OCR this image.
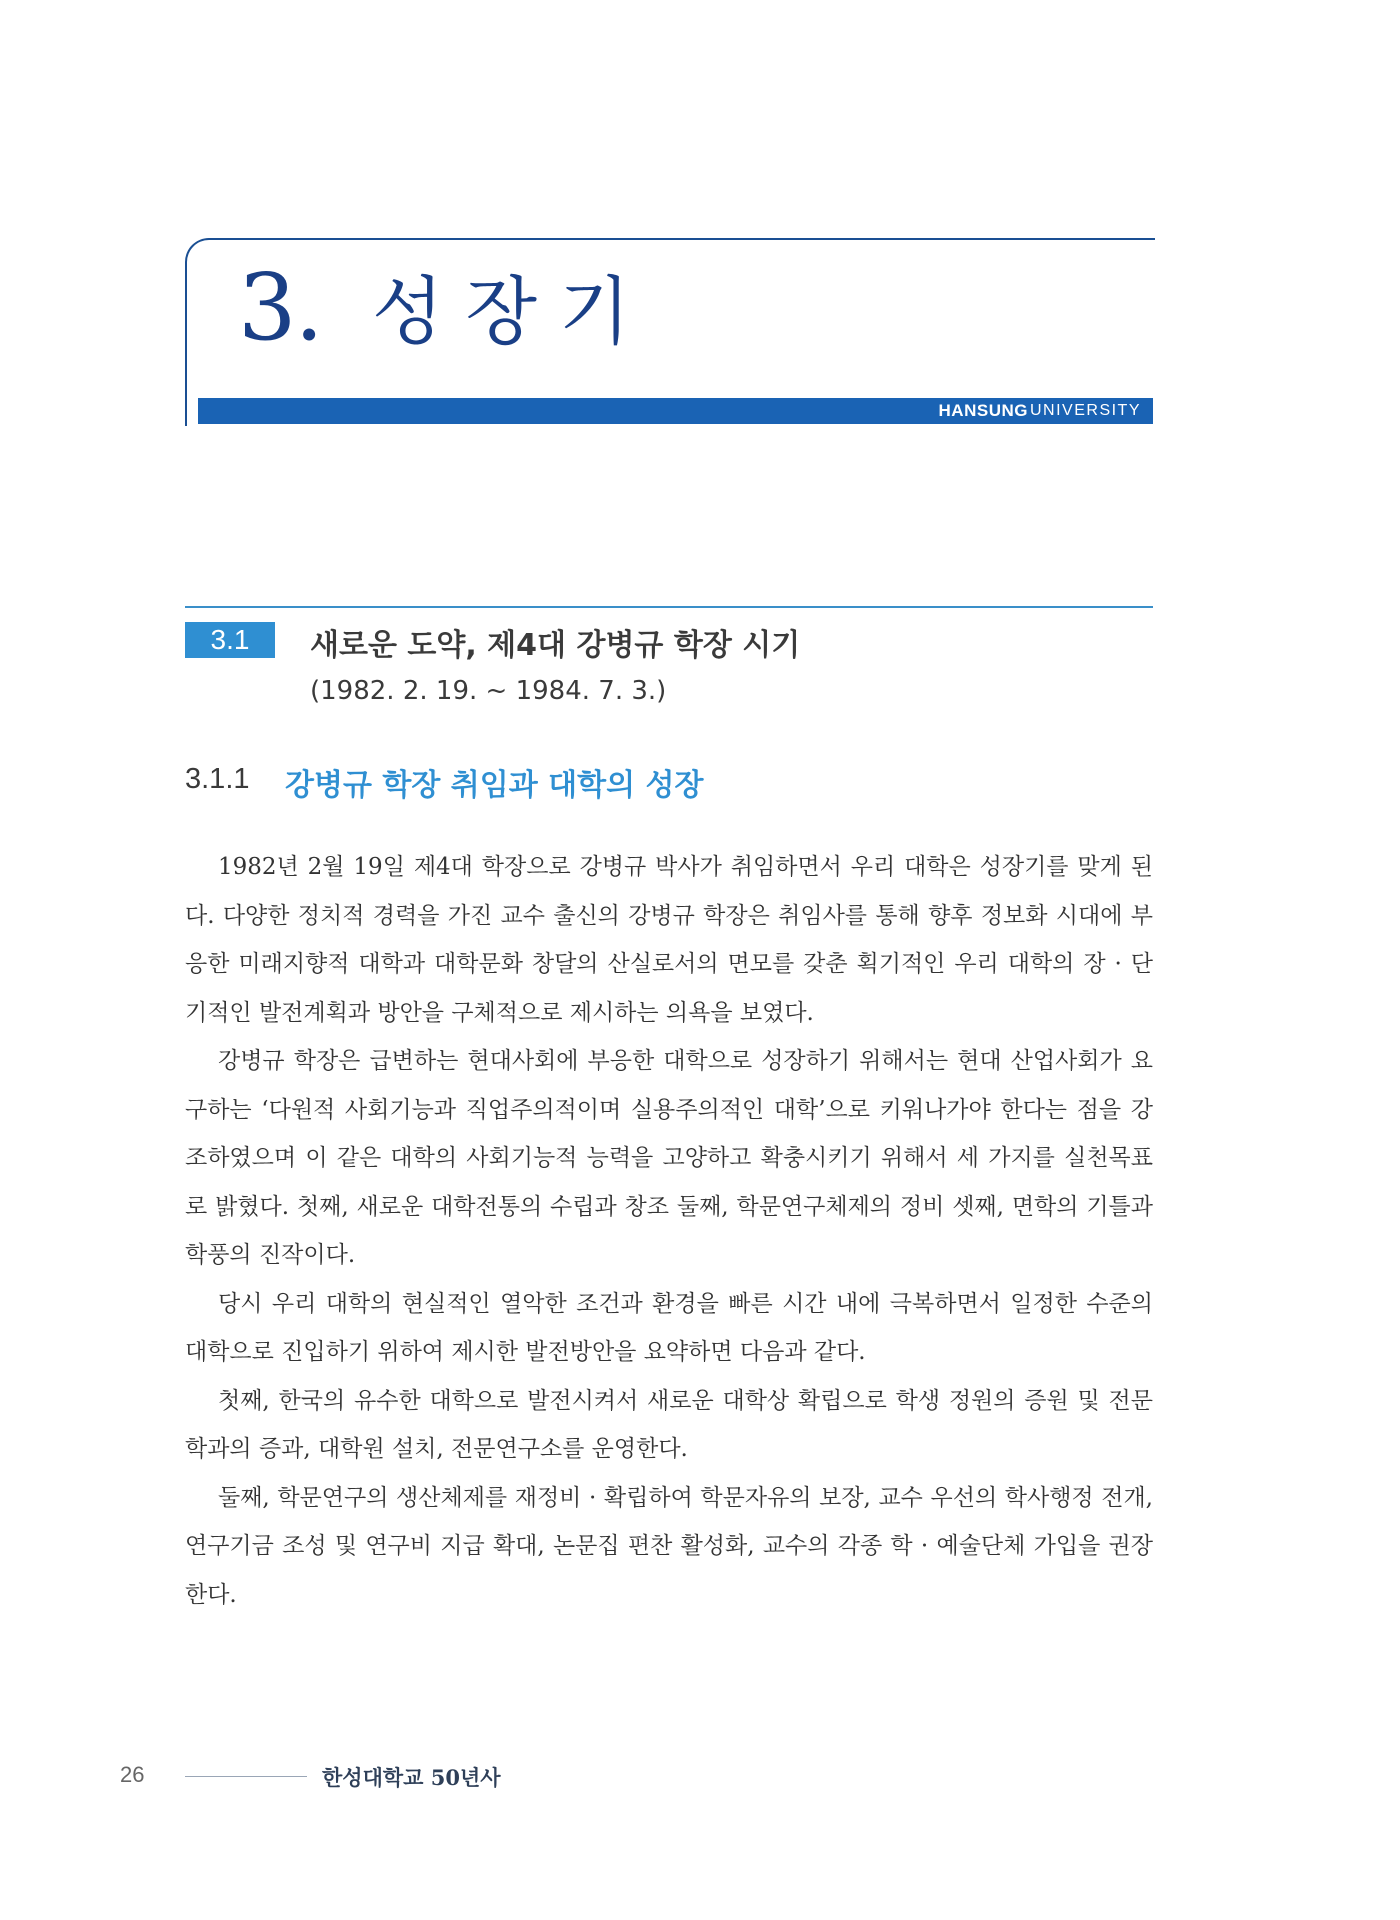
3. 성장기
HANSUNG UNIVERSITY
3.1	새로운 도약, 제4대 강병규 학장 시기
(1982. 2. 19. ~ 1984. 7. 3.)
3.1.1 강병규 학장 취임과 대학의 성장

1982년 2월 19일 제4대 학장으로 강병규 박사가 취임하면서 우리 대학은 성장기를 맞게 된다. 다양한 정치적 경력을 가진 교수 출신의 강병규 학장은 취임사를 통해 향후 정보화 시대에 부응한 미래지향적 대학과 대학문화 창달의 산실로서의 면모를 갖춘 획기적인 우리 대학의 장 · 단기적인 발전계획과 방안을 구체적으로 제시하는 의욕을 보였다.

강병규 학장은 급변하는 현대사회에 부응한 대학으로 성장하기 위해서는 현대 산업사회가 요구하는 ‘다원적 사회기능과 직업주의적이며 실용주의적인 대학’으로 키워나가야 한다는 점을 강조하였으며 이 같은 대학의 사회기능적 능력을 고양하고 확충시키기 위해서 세 가지를 실천목표로 밝혔다. 첫째, 새로운 대학전통의 수립과 창조 둘째, 학문연구체제의 정비 셋째, 면학의 기틀과 학풍의 진작이다.

당시 우리 대학의 현실적인 열악한 조건과 환경을 빠른 시간 내에 극복하면서 일정한 수준의 대학으로 진입하기 위하여 제시한 발전방안을 요약하면 다음과 같다.

첫째, 한국의 유수한 대학으로 발전시켜서 새로운 대학상 확립으로 학생 정원의 증원 및 전문학과의 증과, 대학원 설치, 전문연구소를 운영한다.

둘째, 학문연구의 생산체제를 재정비 · 확립하여 학문자유의 보장, 교수 우선의 학사행정 전개, 연구기금 조성 및 연구비 지급 확대, 논문집 편찬 활성화, 교수의 각종 학 · 예술단체 가입을 권장한다.

26	한성대학교 50년사
